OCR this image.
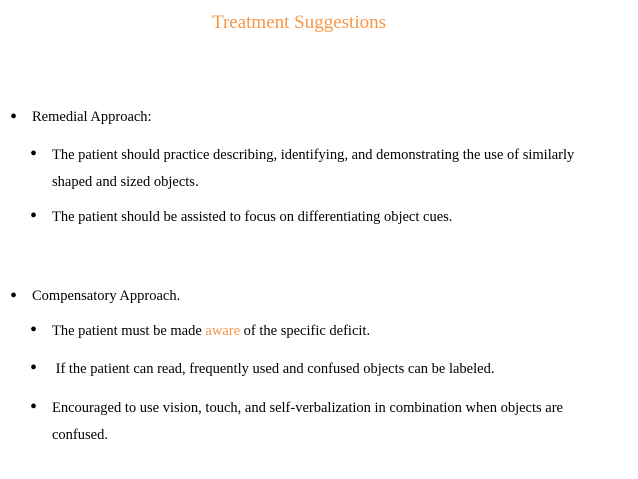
Treatment Suggestions
• Remedial Approach:
• The patient should practice describing, identifying, and demonstrating the use of similarly shaped and sized objects.
• The patient should be assisted to focus on differentiating object cues.
• Compensatory Approach.
• The patient must be made aware of the specific deficit.
• If the patient can read, frequently used and confused objects can be labeled.
• Encouraged to use vision, touch, and self-verbalization in combination when objects are confused.
